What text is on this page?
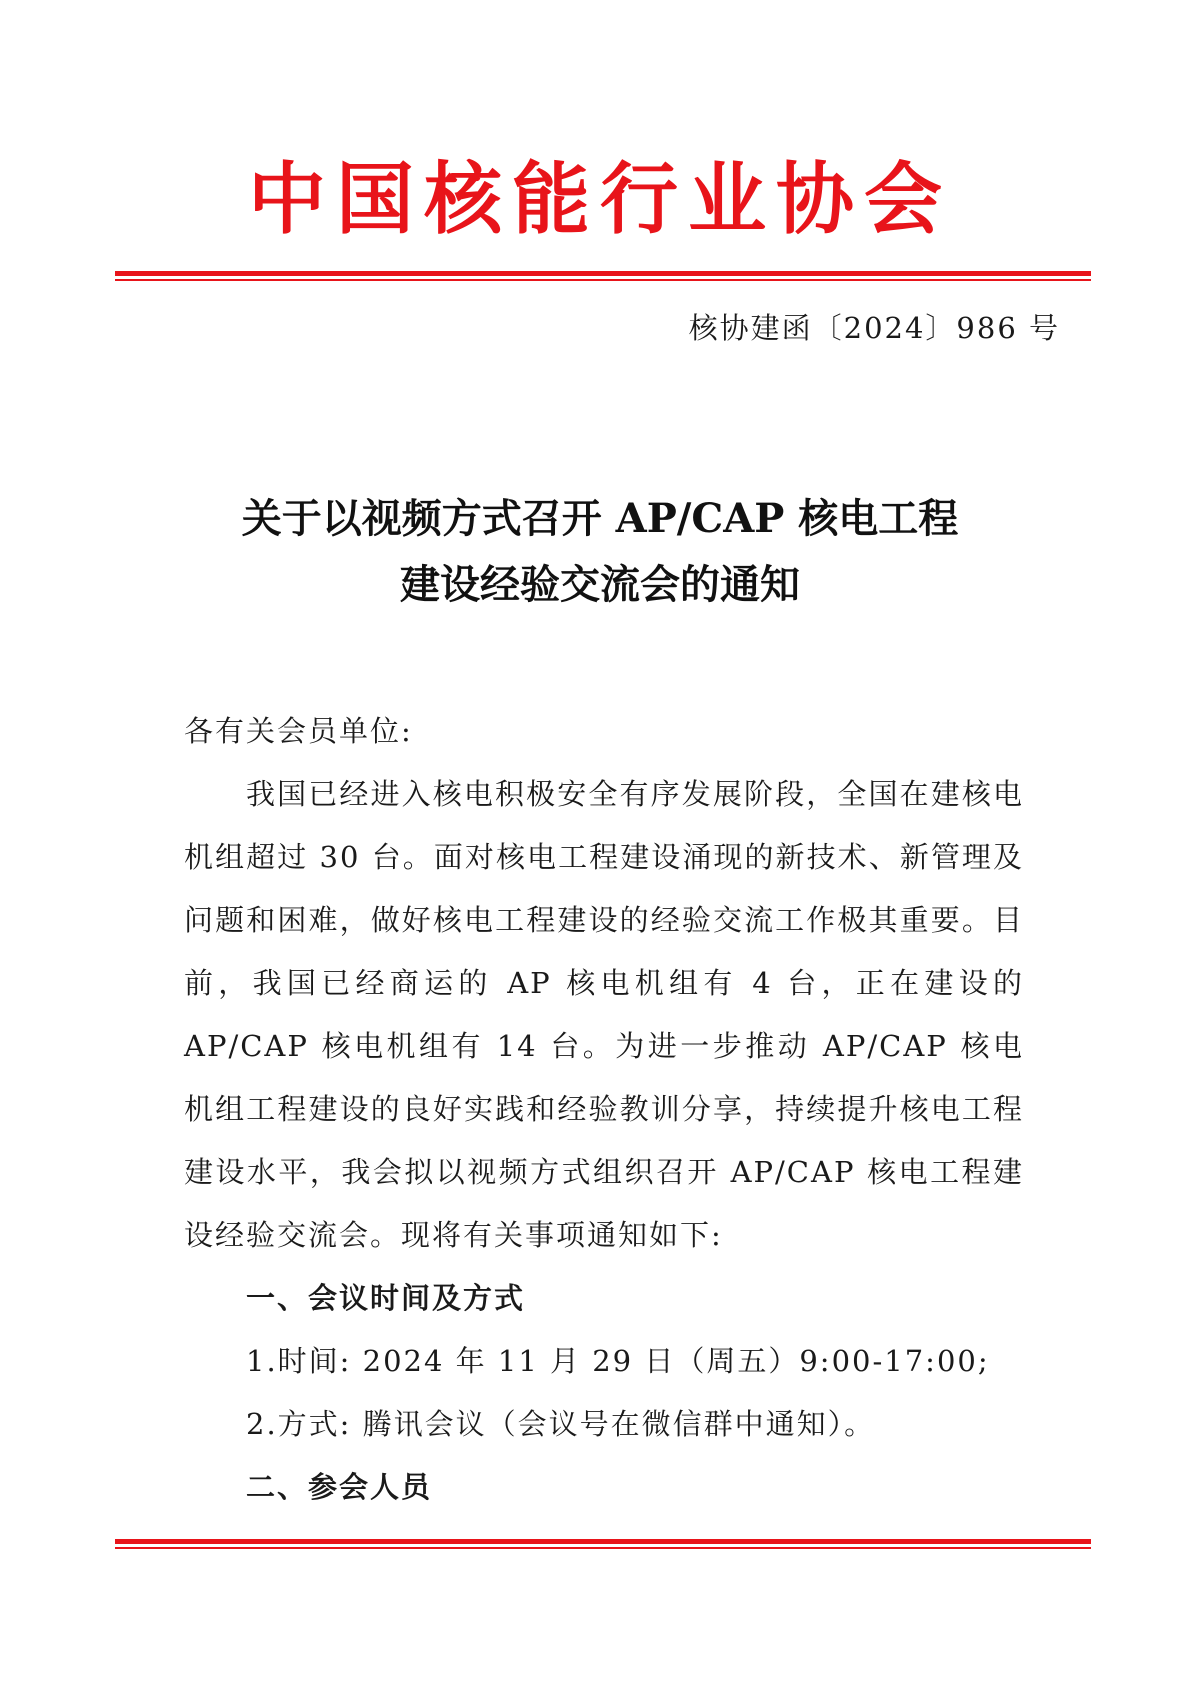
中国核能行业协会
核协建函〔2024〕986 号
关于以视频方式召开 AP/CAP 核电工程
建设经验交流会的通知

各有关会员单位:

我国已经进入核电积极安全有序发展阶段，全国在建核电机组超过 30 台。面对核电工程建设涌现的新技术、新管理及问题和困难，做好核电工程建设的经验交流工作极其重要。目前，我国已经商运的 AP 核电机组有 4 台，正在建设的 AP/CAP 核电机组有 14 台。为进一步推动 AP/CAP 核电机组工程建设的良好实践和经验教训分享，持续提升核电工程建设水平，我会拟以视频方式组织召开 AP/CAP 核电工程建设经验交流会。现将有关事项通知如下:

一、会议时间及方式

1.时间: 2024 年 11 月 29 日（周五）9:00-17:00;

2.方式: 腾讯会议（会议号在微信群中通知）。

二、参会人员
